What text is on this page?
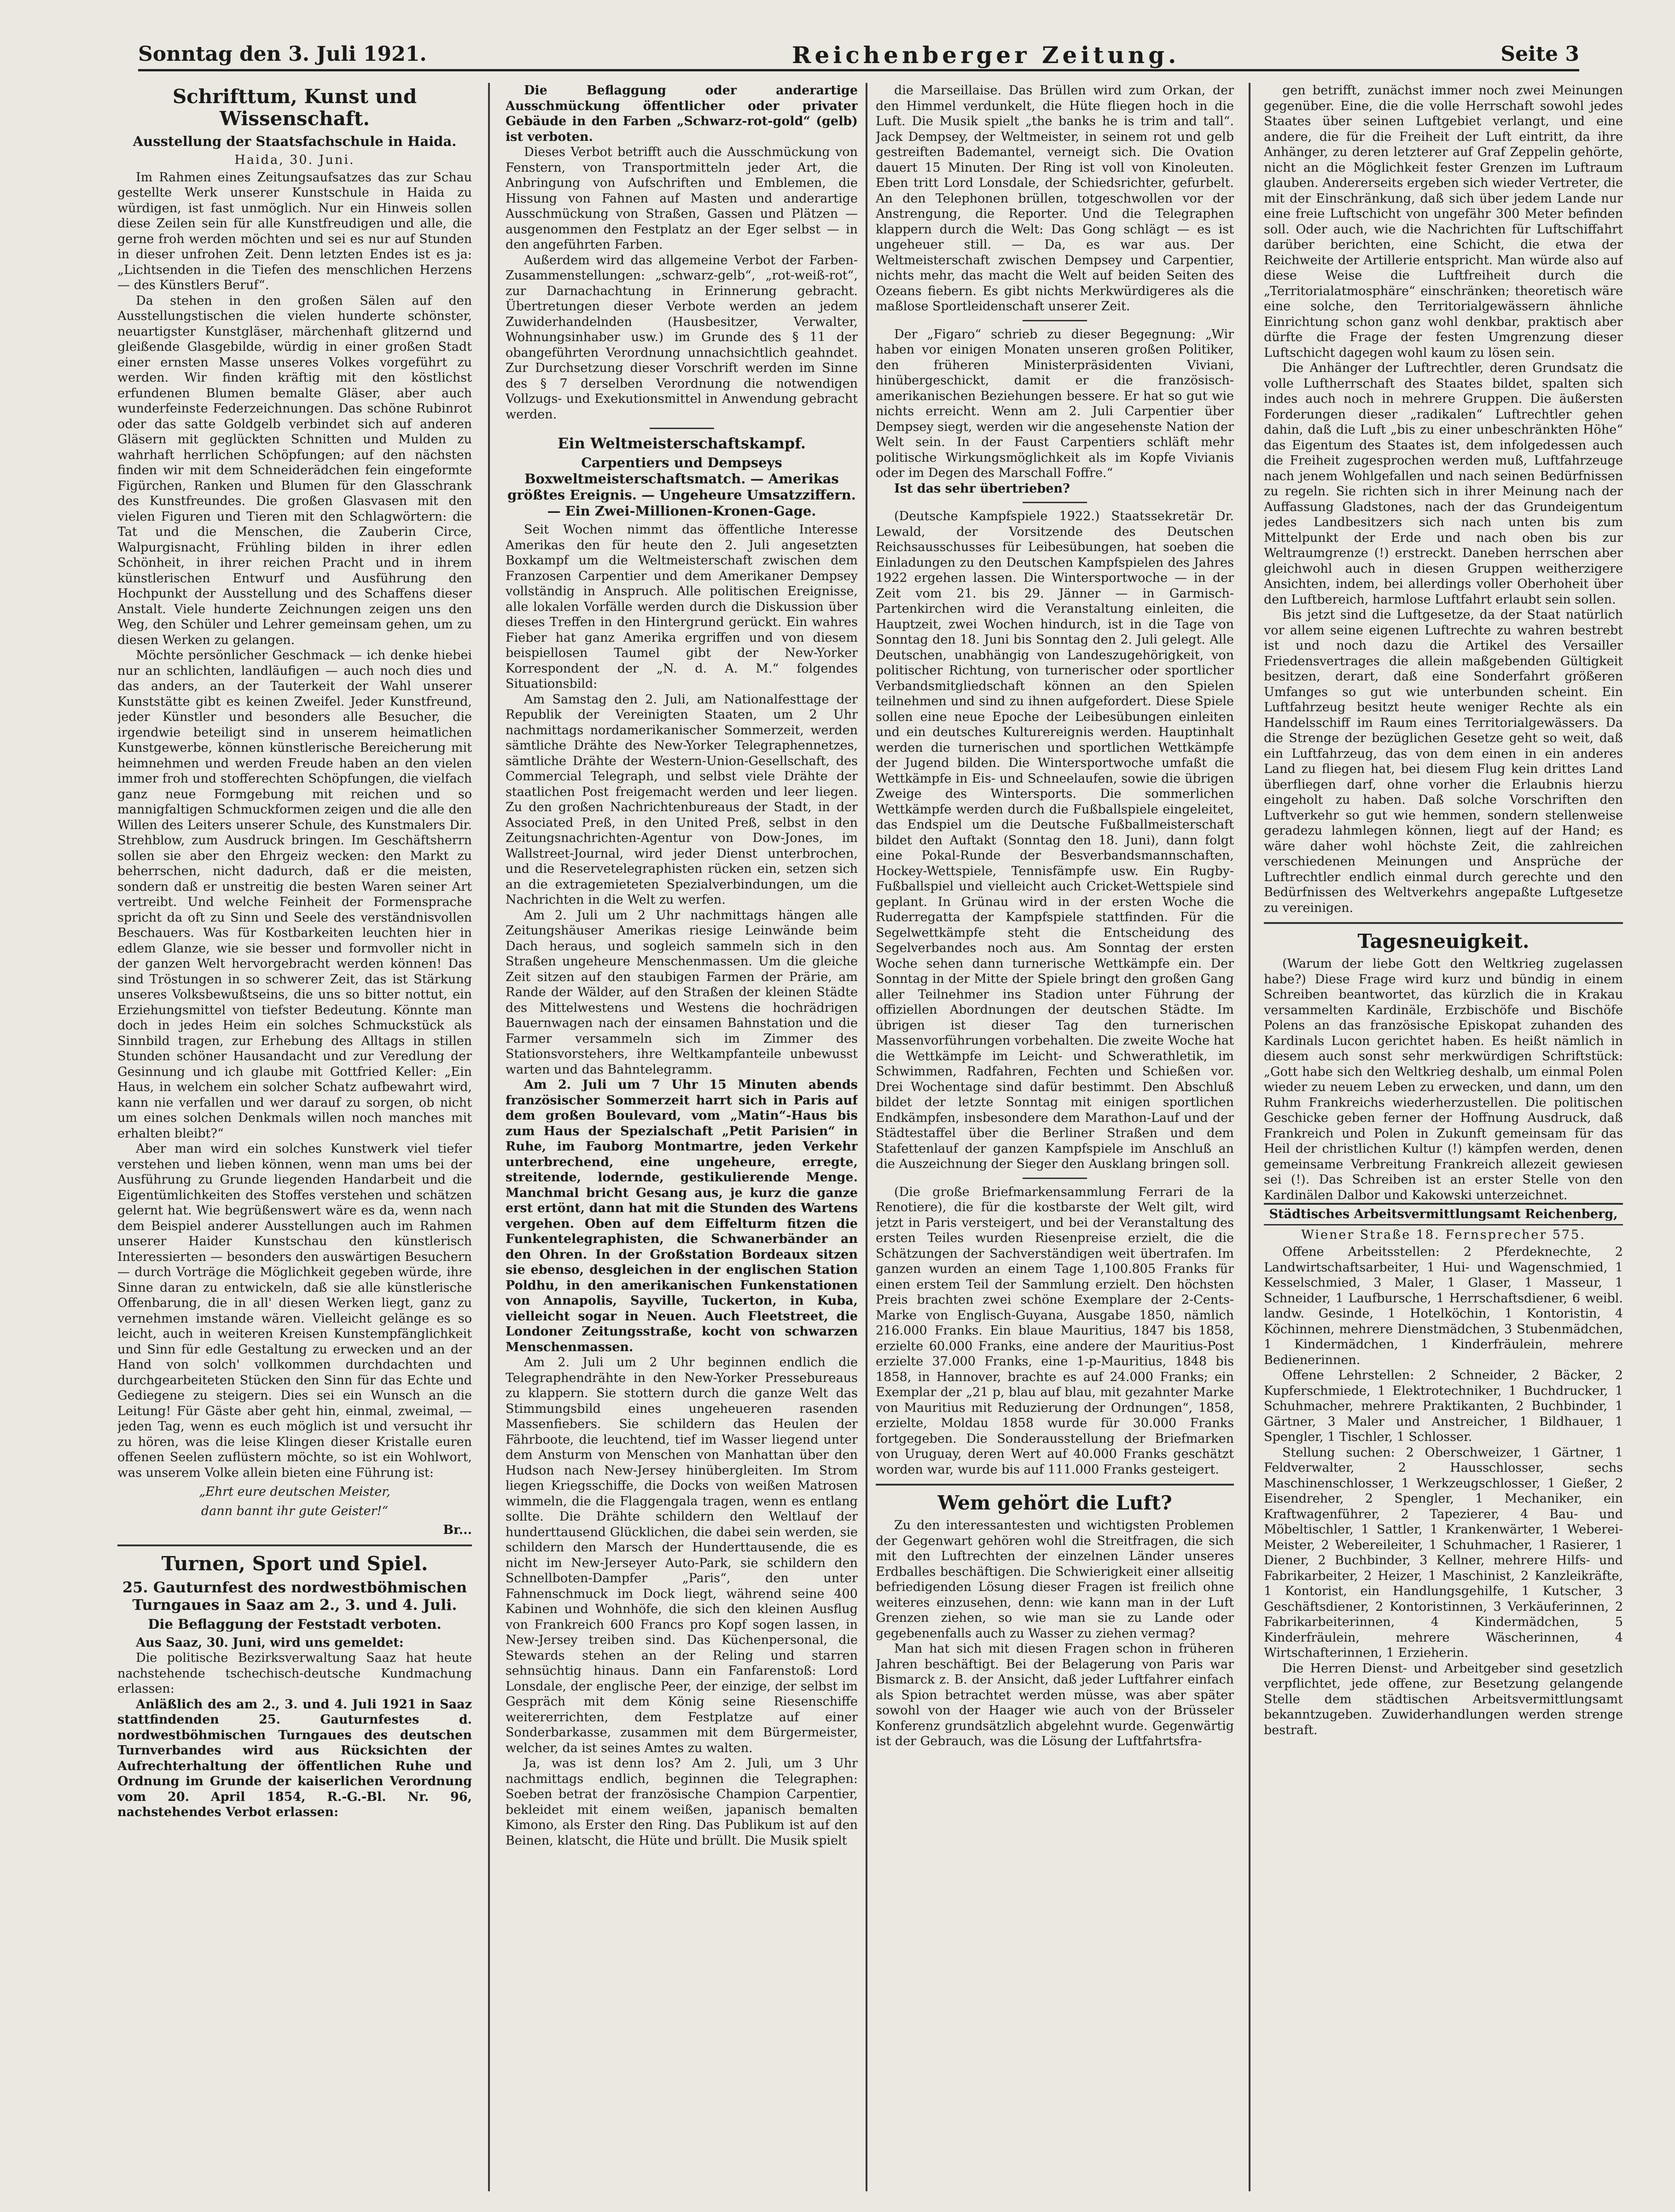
Sonntag den 3. Juli 1921.	Reichenberger Zeitung.	Seite 3
Schrifttum, Kunst und Wissenschaft.
Ausstellung der Staatsfachschule in Haida.
Haida, 30. Juni.

Im Rahmen eines Zeitungsaufsatzes das zur Schau gestellte Werk unserer Kunstschule in Haida zu würdigen, ist fast unmöglich. Nur ein Hinweis sollen diese Zeilen sein für alle Kunstfreudigen und alle, die gerne froh werden möchten und sei es nur auf Stunden in dieser unfrohen Zeit. Denn letzten Endes ist es ja: „Lichtsenden in die Tiefen des menschlichen Herzens — des Künstlers Beruf“.

Da stehen in den großen Sälen auf den Ausstellungstischen die vielen hunderte schönster, neuartigster Kunstgläser, märchenhaft glitzernd und gleißende Glasgebilde, würdig in einer großen Stadt einer ernsten Masse unseres Volkes vorgeführt zu werden. Wir finden kräftig mit den köstlichst erfundenen Blumen bemalte Gläser, aber auch wunderfeinste Federzeichnungen. Das schöne Rubinrot oder das satte Goldgelb verbindet sich auf anderen Gläsern mit geglückten Schnitten und Mulden zu wahrhaft herrlichen Schöpfungen; auf den nächsten finden wir mit dem Schneiderädchen fein eingeformte Figürchen, Ranken und Blumen für den Glasschrank des Kunstfreundes. Die großen Glasvasen mit den vielen Figuren und Tieren mit den Schlagwörtern: die Tat und die Menschen, die Zauberin Circe, Walpurgisnacht, Frühling bilden in ihrer edlen Schönheit, in ihrer reichen Pracht und in ihrem künstlerischen Entwurf und Ausführung den Hochpunkt der Ausstellung und des Schaffens dieser Anstalt. Viele hunderte Zeichnungen zeigen uns den Weg, den Schüler und Lehrer gemeinsam gehen, um zu diesen Werken zu gelangen.

Möchte persönlicher Geschmack — ich denke hiebei nur an schlichten, landläufigen — auch noch dies und das anders, an der Tauterkeit der Wahl unserer Kunststätte gibt es keinen Zweifel. Jeder Kunstfreund, jeder Künstler und besonders alle Besucher, die irgendwie beteiligt sind in unserem heimatlichen Kunstgewerbe, können künstlerische Bereicherung mit heimnehmen und werden Freude haben an den vielen immer froh und stofferechten Schöpfungen, die vielfach ganz neue Formgebung mit reichen und so mannigfaltigen Schmuckformen zeigen und die alle den Willen des Leiters unserer Schule, des Kunstmalers Dir. Strehblow, zum Ausdruck bringen. Im Geschäftsherrn sollen sie aber den Ehrgeiz wecken: den Markt zu beherrschen, nicht dadurch, daß er die meisten, sondern daß er unstreitig die besten Waren seiner Art vertreibt. Und welche Feinheit der Formensprache spricht da oft zu Sinn und Seele des verständnisvollen Beschauers. Was für Kostbarkeiten leuchten hier in edlem Glanze, wie sie besser und formvoller nicht in der ganzen Welt hervorgebracht werden können! Das sind Tröstungen in so schwerer Zeit, das ist Stärkung unseres Volksbewußtseins, die uns so bitter nottut, ein Erziehungsmittel von tiefster Bedeutung. Könnte man doch in jedes Heim ein solches Schmuckstück als Sinnbild tragen, zur Erhebung des Alltags in stillen Stunden schöner Hausandacht und zur Veredlung der Gesinnung und ich glaube mit Gottfried Keller: „Ein Haus, in welchem ein solcher Schatz aufbewahrt wird, kann nie verfallen und wer darauf zu sorgen, ob nicht um eines solchen Denkmals willen noch manches mit erhalten bleibt?“

Aber man wird ein solches Kunstwerk viel tiefer verstehen und lieben können, wenn man ums bei der Ausführung zu Grunde liegenden Handarbeit und die Eigentümlichkeiten des Stoffes verstehen und schätzen gelernt hat. Wie begrüßenswert wäre es da, wenn nach dem Beispiel anderer Ausstellungen auch im Rahmen unserer Haider Kunstschau den künstlerisch Interessierten — besonders den auswärtigen Besuchern — durch Vorträge die Möglichkeit gegeben würde, ihre Sinne daran zu entwickeln, daß sie alle künstlerische Offenbarung, die in all' diesen Werken liegt, ganz zu vernehmen imstande wären. Vielleicht gelänge es so leicht, auch in weiteren Kreisen Kunstempfänglichkeit und Sinn für edle Gestaltung zu erwecken und an der Hand von solch' vollkommen durchdachten und durchgearbeiteten Stücken den Sinn für das Echte und Gediegene zu steigern. Dies sei ein Wunsch an die Leitung! Für Gäste aber geht hin, einmal, zweimal, — jeden Tag, wenn es euch möglich ist und versucht ihr zu hören, was die leise Klingen dieser Kristalle euren offenen Seelen zuflüstern möchte, so ist ein Wohlwort, was unserem Volke allein bieten eine Führung ist:

„Ehrt eure deutschen Meister,
dann bannt ihr gute Geister!“
Br...
Turnen, Sport und Spiel.
25. Gauturnfest des nordwestböhmischen Turngaues in Saaz am 2., 3. und 4. Juli.
Die Beflaggung der Feststadt verboten.

Aus Saaz, 30. Juni, wird uns gemeldet:

Die politische Bezirksverwaltung Saaz hat heute nachstehende tschechisch-deutsche Kundmachung erlassen:

Anläßlich des am 2., 3. und 4. Juli 1921 in Saaz stattfindenden 25. Gauturnfestes d. nordwestböhmischen Turngaues des deutschen Turnverbandes wird aus Rücksichten der Aufrechterhaltung der öffentlichen Ruhe und Ordnung im Grunde der kaiserlichen Verordnung vom 20. April 1854, R.-G.-Bl. Nr. 96, nachstehendes Verbot erlassen:

Die Beflaggung oder anderartige Ausschmückung öffentlicher oder privater Gebäude in den Farben „Schwarz-rot-gold“ (gelb) ist verboten.

Dieses Verbot betrifft auch die Ausschmückung von Fenstern, von Transportmitteln jeder Art, die Anbringung von Aufschriften und Emblemen, die Hissung von Fahnen auf Masten und anderartige Ausschmückung von Straßen, Gassen und Plätzen — ausgenommen den Festplatz an der Eger selbst — in den angeführten Farben.

Außerdem wird das allgemeine Verbot der Farben-Zusammenstellungen: „schwarz-gelb“, „rot-weiß-rot“, zur Darnachachtung in Erinnerung gebracht. Übertretungen dieser Verbote werden an jedem Zuwiderhandelnden (Hausbesitzer, Verwalter, Wohnungsinhaber usw.) im Grunde des § 11 der obangeführten Verordnung unnachsichtlich geahndet. Zur Durchsetzung dieser Vorschrift werden im Sinne des § 7 derselben Verordnung die notwendigen Vollzugs- und Exekutionsmittel in Anwendung gebracht werden.

Ein Weltmeisterschaftskampf.
Carpentiers und Dempseys Boxweltmeisterschaftsmatch. — Amerikas größtes Ereignis. — Ungeheure Umsatzziffern. — Ein Zwei-Millionen-Kronen-Gage.

Seit Wochen nimmt das öffentliche Interesse Amerikas den für heute den 2. Juli angesetzten Boxkampf um die Weltmeisterschaft zwischen dem Franzosen Carpentier und dem Amerikaner Dempsey vollständig in Anspruch. Alle politischen Ereignisse, alle lokalen Vorfälle werden durch die Diskussion über dieses Treffen in den Hintergrund gerückt. Ein wahres Fieber hat ganz Amerika ergriffen und von diesem beispiellosen Taumel gibt der New-Yorker Korrespondent der „N. d. A. M.“ folgendes Situationsbild:

Am Samstag den 2. Juli, am Nationalfesttage der Republik der Vereinigten Staaten, um 2 Uhr nachmittags nordamerikanischer Sommerzeit, werden sämtliche Drähte des New-Yorker Telegraphennetzes, sämtliche Drähte der Western-Union-Gesellschaft, des Commercial Telegraph, und selbst viele Drähte der staatlichen Post freigemacht werden und leer liegen. Zu den großen Nachrichtenbureaus der Stadt, in der Associated Preß, in den United Preß, selbst in den Zeitungsnachrichten-Agentur von Dow-Jones, im Wallstreet-Journal, wird jeder Dienst unterbrochen, und die Reservetelegraphisten rücken ein, setzen sich an die extragemieteten Spezialverbindungen, um die Nachrichten in die Welt zu werfen.

Am 2. Juli um 2 Uhr nachmittags hängen alle Zeitungshäuser Amerikas riesige Leinwände beim Dach heraus, und sogleich sammeln sich in den Straßen ungeheure Menschenmassen. Um die gleiche Zeit sitzen auf den staubigen Farmen der Prärie, am Rande der Wälder, auf den Straßen der kleinen Städte des Mittelwestens und Westens die hochrädrigen Bauernwagen nach der einsamen Bahnstation und die Farmer versammeln sich im Zimmer des Stationsvorstehers, ihre Weltkampfanteile unbewusst warten und das Bahntelegramm.

Am 2. Juli um 7 Uhr 15 Minuten abends französischer Sommerzeit harrt sich in Paris auf dem großen Boulevard, vom „Matin“-Haus bis zum Haus der Spezialschaft „Petit Parisien“ in Ruhe, im Fauborg Montmartre, jeden Verkehr unterbrechend, eine ungeheure, erregte, streitende, lodernde, gestikulierende Menge. Manchmal bricht Gesang aus, je kurz die ganze erst ertönt, dann hat mit die Stunden des Wartens vergehen. Oben auf dem Eiffelturm fitzen die Funkentelegraphisten, die Schwanerbänder an den Ohren. In der Großstation Bordeaux sitzen sie ebenso, desgleichen in der englischen Station Poldhu, in den amerikanischen Funkenstationen von Annapolis, Sayville, Tuckerton, in Kuba, vielleicht sogar in Neuen. Auch Fleetstreet, die Londoner Zeitungsstraße, kocht von schwarzen Menschenmassen.

Am 2. Juli um 2 Uhr beginnen endlich die Telegraphendrähte in den New-Yorker Pressebureaus zu klappern. Sie stottern durch die ganze Welt das Stimmungsbild eines ungeheueren rasenden Massenfiebers. Sie schildern das Heulen der Fährboote, die leuchtend, tief im Wasser liegend unter dem Ansturm von Menschen von Manhattan über den Hudson nach New-Jersey hinübergleiten. Im Strom liegen Kriegsschiffe, die Docks von weißen Matrosen wimmeln, die die Flaggengala tragen, wenn es entlang sollte. Die Drähte schildern den Weltlauf der hunderttausend Glücklichen, die dabei sein werden, sie schildern den Marsch der Hunderttausende, die es nicht im New-Jerseyer Auto-Park, sie schildern den Schnellboten-Dampfer „Paris“, den unter Fahnenschmuck im Dock liegt, während seine 400 Kabinen und Wohnhöfe, die sich den kleinen Ausflug von Frankreich 600 Francs pro Kopf sogen lassen, in New-Jersey treiben sind. Das Küchenpersonal, die Stewards stehen an der Reling und starren sehnsüchtig hinaus. Dann ein Fanfarenstoß: Lord Lonsdale, der englische Peer, der einzige, der selbst im Gespräch mit dem König seine Riesenschiffe weitererrichten, dem Festplatze auf einer Sonderbarkasse, zusammen mit dem Bürgermeister, welcher, da ist seines Amtes zu walten.

Ja, was ist denn los? Am 2. Juli, um 3 Uhr nachmittags endlich, beginnen die Telegraphen: Soeben betrat der französische Champion Carpentier, bekleidet mit einem weißen, japanisch bemalten Kimono, als Erster den Ring. Das Publikum ist auf den Beinen, klatscht, die Hüte und brüllt. Die Musik spielt

die Marseillaise. Das Brüllen wird zum Orkan, der den Himmel verdunkelt, die Hüte fliegen hoch in die Luft. Die Musik spielt „the banks he is trim and tall“. Jack Dempsey, der Weltmeister, in seinem rot und gelb gestreiften Bademantel, verneigt sich. Die Ovation dauert 15 Minuten. Der Ring ist voll von Kinoleuten. Eben tritt Lord Lonsdale, der Schiedsrichter, gefurbelt. An den Telephonen brüllen, totgeschwollen vor der Anstrengung, die Reporter. Und die Telegraphen klappern durch die Welt: Das Gong schlägt — es ist ungeheuer still. — Da, es war aus. Der Weltmeisterschaft zwischen Dempsey und Carpentier, nichts mehr, das macht die Welt auf beiden Seiten des Ozeans fiebern. Es gibt nichts Merkwürdigeres als die maßlose Sportleidenschaft unserer Zeit.

Der „Figaro“ schrieb zu dieser Begegnung: „Wir haben vor einigen Monaten unseren großen Politiker, den früheren Ministerpräsidenten Viviani, hinübergeschickt, damit er die französisch-amerikanischen Beziehungen bessere. Er hat so gut wie nichts erreicht. Wenn am 2. Juli Carpentier über Dempsey siegt, werden wir die angesehenste Nation der Welt sein. In der Faust Carpentiers schläft mehr politische Wirkungsmöglichkeit als im Kopfe Vivianis oder im Degen des Marschall Foffre.“

Ist das sehr übertrieben?

(Deutsche Kampfspiele 1922.) Staatssekretär Dr. Lewald, der Vorsitzende des Deutschen Reichsausschusses für Leibesübungen, hat soeben die Einladungen zu den Deutschen Kampfspielen des Jahres 1922 ergehen lassen. Die Wintersportwoche — in der Zeit vom 21. bis 29. Jänner — in Garmisch-Partenkirchen wird die Veranstaltung einleiten, die Hauptzeit, zwei Wochen hindurch, ist in die Tage von Sonntag den 18. Juni bis Sonntag den 2. Juli gelegt. Alle Deutschen, unabhängig von Landeszugehörigkeit, von politischer Richtung, von turnerischer oder sportlicher Verbandsmitgliedschaft können an den Spielen teilnehmen und sind zu ihnen aufgefordert. Diese Spiele sollen eine neue Epoche der Leibesübungen einleiten und ein deutsches Kulturereignis werden. Hauptinhalt werden die turnerischen und sportlichen Wettkämpfe der Jugend bilden. Die Wintersportwoche umfaßt die Wettkämpfe in Eis- und Schneelaufen, sowie die übrigen Zweige des Wintersports. Die sommerlichen Wettkämpfe werden durch die Fußballspiele eingeleitet, das Endspiel um die Deutsche Fußballmeisterschaft bildet den Auftakt (Sonntag den 18. Juni), dann folgt eine Pokal-Runde der Besverbandsmannschaften, Hockey-Wettspiele, Tennisfämpfe usw. Ein Rugby-Fußballspiel und vielleicht auch Cricket-Wettspiele sind geplant. In Grünau wird in der ersten Woche die Ruderregatta der Kampfspiele stattfinden. Für die Segelwettkämpfe steht die Entscheidung des Segelverbandes noch aus. Am Sonntag der ersten Woche sehen dann turnerische Wettkämpfe ein. Der Sonntag in der Mitte der Spiele bringt den großen Gang aller Teilnehmer ins Stadion unter Führung der offiziellen Abordnungen der deutschen Städte. Im übrigen ist dieser Tag den turnerischen Massenvorführungen vorbehalten. Die zweite Woche hat die Wettkämpfe im Leicht- und Schwerathletik, im Schwimmen, Radfahren, Fechten und Schießen vor. Drei Wochentage sind dafür bestimmt. Den Abschluß bildet der letzte Sonntag mit einigen sportlichen Endkämpfen, insbesondere dem Marathon-Lauf und der Städtestaffel über die Berliner Straßen und dem Stafettenlauf der ganzen Kampfspiele im Anschluß an die Auszeichnung der Sieger den Ausklang bringen soll.

(Die große Briefmarkensammlung Ferrari de la Renotiere), die für die kostbarste der Welt gilt, wird jetzt in Paris versteigert, und bei der Veranstaltung des ersten Teiles wurden Riesenpreise erzielt, die die Schätzungen der Sachverständigen weit übertrafen. Im ganzen wurden an einem Tage 1,100.805 Franks für einen erstem Teil der Sammlung erzielt. Den höchsten Preis brachten zwei schöne Exemplare der 2-Cents-Marke von Englisch-Guyana, Ausgabe 1850, nämlich 216.000 Franks. Ein blaue Mauritius, 1847 bis 1858, erzielte 60.000 Franks, eine andere der Mauritius-Post erzielte 37.000 Franks, eine 1-p-Mauritius, 1848 bis 1858, in Hannover, brachte es auf 24.000 Franks; ein Exemplar der „21 p, blau auf blau, mit gezahnter Marke von Mauritius mit Reduzierung der Ordnungen“, 1858, erzielte, Moldau 1858 wurde für 30.000 Franks fortgegeben. Die Sonderausstellung der Briefmarken von Uruguay, deren Wert auf 40.000 Franks geschätzt worden war, wurde bis auf 111.000 Franks gesteigert.

Wem gehört die Luft?

Zu den interessantesten und wichtigsten Problemen der Gegenwart gehören wohl die Streitfragen, die sich mit den Luftrechten der einzelnen Länder unseres Erdballes beschäftigen. Die Schwierigkeit einer allseitig befriedigenden Lösung dieser Fragen ist freilich ohne weiteres einzusehen, denn: wie kann man in der Luft Grenzen ziehen, so wie man sie zu Lande oder gegebenenfalls auch zu Wasser zu ziehen vermag?

Man hat sich mit diesen Fragen schon in früheren Jahren beschäftigt. Bei der Belagerung von Paris war Bismarck z. B. der Ansicht, daß jeder Luftfahrer einfach als Spion betrachtet werden müsse, was aber später sowohl von der Haager wie auch von der Brüsseler Konferenz grundsätzlich abgelehnt wurde. Gegenwärtig ist der Gebrauch, was die Lösung der Luftfahrtsfra-

gen betrifft, zunächst immer noch zwei Meinungen gegenüber. Eine, die die volle Herrschaft sowohl jedes Staates über seinen Luftgebiet verlangt, und eine andere, die für die Freiheit der Luft eintritt, da ihre Anhänger, zu deren letzterer auf Graf Zeppelin gehörte, nicht an die Möglichkeit fester Grenzen im Luftraum glauben. Andererseits ergeben sich wieder Vertreter, die mit der Einschränkung, daß sich über jedem Lande nur eine freie Luftschicht von ungefähr 300 Meter befinden soll. Oder auch, wie die Nachrichten für Luftschiffahrt darüber berichten, eine Schicht, die etwa der Reichweite der Artillerie entspricht. Man würde also auf diese Weise die Luftfreiheit durch die „Territorialatmosphäre“ einschränken; theoretisch wäre eine solche, den Territorialgewässern ähnliche Einrichtung schon ganz wohl denkbar, praktisch aber dürfte die Frage der festen Umgrenzung dieser Luftschicht dagegen wohl kaum zu lösen sein.

Die Anhänger der Luftrechtler, deren Grundsatz die volle Luftherrschaft des Staates bildet, spalten sich indes auch noch in mehrere Gruppen. Die äußersten Forderungen dieser „radikalen“ Luftrechtler gehen dahin, daß die Luft „bis zu einer unbeschränkten Höhe“ das Eigentum des Staates ist, dem infolgedessen auch die Freiheit zugesprochen werden muß, Luftfahrzeuge nach jenem Wohlgefallen und nach seinen Bedürfnissen zu regeln. Sie richten sich in ihrer Meinung nach der Auffassung Gladstones, nach der das Grundeigentum jedes Landbesitzers sich nach unten bis zum Mittelpunkt der Erde und nach oben bis zur Weltraumgrenze (!) erstreckt. Daneben herrschen aber gleichwohl auch in diesen Gruppen weitherzigere Ansichten, indem, bei allerdings voller Oberhoheit über den Luftbereich, harmlose Luftfahrt erlaubt sein sollen.

Bis jetzt sind die Luftgesetze, da der Staat natürlich vor allem seine eigenen Luftrechte zu wahren bestrebt ist und noch dazu die Artikel des Versailler Friedensvertrages die allein maßgebenden Gültigkeit besitzen, derart, daß eine Sonderfahrt größeren Umfanges so gut wie unterbunden scheint. Ein Luftfahrzeug besitzt heute weniger Rechte als ein Handelsschiff im Raum eines Territorialgewässers. Da die Strenge der bezüglichen Gesetze geht so weit, daß ein Luftfahrzeug, das von dem einen in ein anderes Land zu fliegen hat, bei diesem Flug kein drittes Land überfliegen darf, ohne vorher die Erlaubnis hierzu eingeholt zu haben. Daß solche Vorschriften den Luftverkehr so gut wie hemmen, sondern stellenweise geradezu lahmlegen können, liegt auf der Hand; es wäre daher wohl höchste Zeit, die zahlreichen verschiedenen Meinungen und Ansprüche der Luftrechtler endlich einmal durch gerechte und den Bedürfnissen des Weltverkehrs angepaßte Luftgesetze zu vereinigen.

Tagesneuigkeit.

(Warum der liebe Gott den Weltkrieg zugelassen habe?) Diese Frage wird kurz und bündig in einem Schreiben beantwortet, das kürzlich die in Krakau versammelten Kardinäle, Erzbischöfe und Bischöfe Polens an das französische Episkopat zuhanden des Kardinals Lucon gerichtet haben. Es heißt nämlich in diesem auch sonst sehr merkwürdigen Schriftstück: „Gott habe sich den Weltkrieg deshalb, um einmal Polen wieder zu neuem Leben zu erwecken, und dann, um den Ruhm Frankreichs wiederherzustellen. Die politischen Geschicke geben ferner der Hoffnung Ausdruck, daß Frankreich und Polen in Zukunft gemeinsam für das Heil der christlichen Kultur (!) kämpfen werden, denen gemeinsame Verbreitung Frankreich allezeit gewiesen sei (!). Das Schreiben ist an erster Stelle von den Kardinälen Dalbor und Kakowski unterzeichnet.

Städtisches Arbeitsvermittlungsamt Reichenberg,
Wiener Straße 18. Fernsprecher 575.

Offene Arbeitsstellen: 2 Pferdeknechte, 2 Landwirtschaftsarbeiter, 1 Hui- und Wagenschmied, 1 Kesselschmied, 3 Maler, 1 Glaser, 1 Masseur, 1 Schneider, 1 Laufbursche, 1 Herrschaftsdiener, 6 weibl. landw. Gesinde, 1 Hotelköchin, 1 Kontoristin, 4 Köchinnen, mehrere Dienstmädchen, 3 Stubenmädchen, 1 Kindermädchen, 1 Kinderfräulein, mehrere Bedienerinnen.

Offene Lehrstellen: 2 Schneider, 2 Bäcker, 2 Kupferschmiede, 1 Elektrotechniker, 1 Buchdrucker, 1 Schuhmacher, mehrere Praktikanten, 2 Buchbinder, 1 Gärtner, 3 Maler und Anstreicher, 1 Bildhauer, 1 Spengler, 1 Tischler, 1 Schlosser.

Stellung suchen: 2 Oberschweizer, 1 Gärtner, 1 Feldverwalter, 2 Hausschlosser, sechs Maschinenschlosser, 1 Werkzeugschlosser, 1 Gießer, 2 Eisendreher, 2 Spengler, 1 Mechaniker, ein Kraftwagenführer, 2 Tapezierer, 4 Bau- und Möbeltischler, 1 Sattler, 1 Krankenwärter, 1 Weberei-Meister, 2 Webereileiter, 1 Schuhmacher, 1 Rasierer, 1 Diener, 2 Buchbinder, 3 Kellner, mehrere Hilfs- und Fabrikarbeiter, 2 Heizer, 1 Maschinist, 2 Kanzleikräfte, 1 Kontorist, ein Handlungsgehilfe, 1 Kutscher, 3 Geschäftsdiener, 2 Kontoristinnen, 3 Verkäuferinnen, 2 Fabrikarbeiterinnen, 4 Kindermädchen, 5 Kinderfräulein, mehrere Wäscherinnen, 4 Wirtschafterinnen, 1 Erzieherin.

Die Herren Dienst- und Arbeitgeber sind gesetzlich verpflichtet, jede offene, zur Besetzung gelangende Stelle dem städtischen Arbeitsvermittlungsamt bekanntzugeben. Zuwiderhandlungen werden strenge bestraft.
